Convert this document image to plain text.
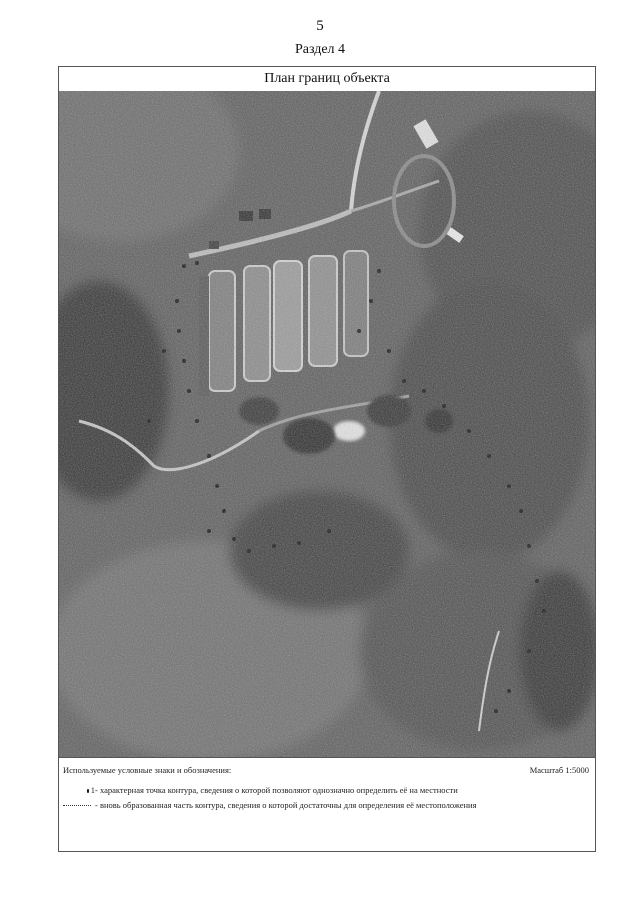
5
Раздел 4
План границ объекта
Используемые условные знаки и обозначения:	Масштаб 1:5000
1 - характерная точка контура, сведения о которой позволяют однозначно определить её на местности
- вновь образованная часть контура, сведения о которой достаточны для определения её местоположения
